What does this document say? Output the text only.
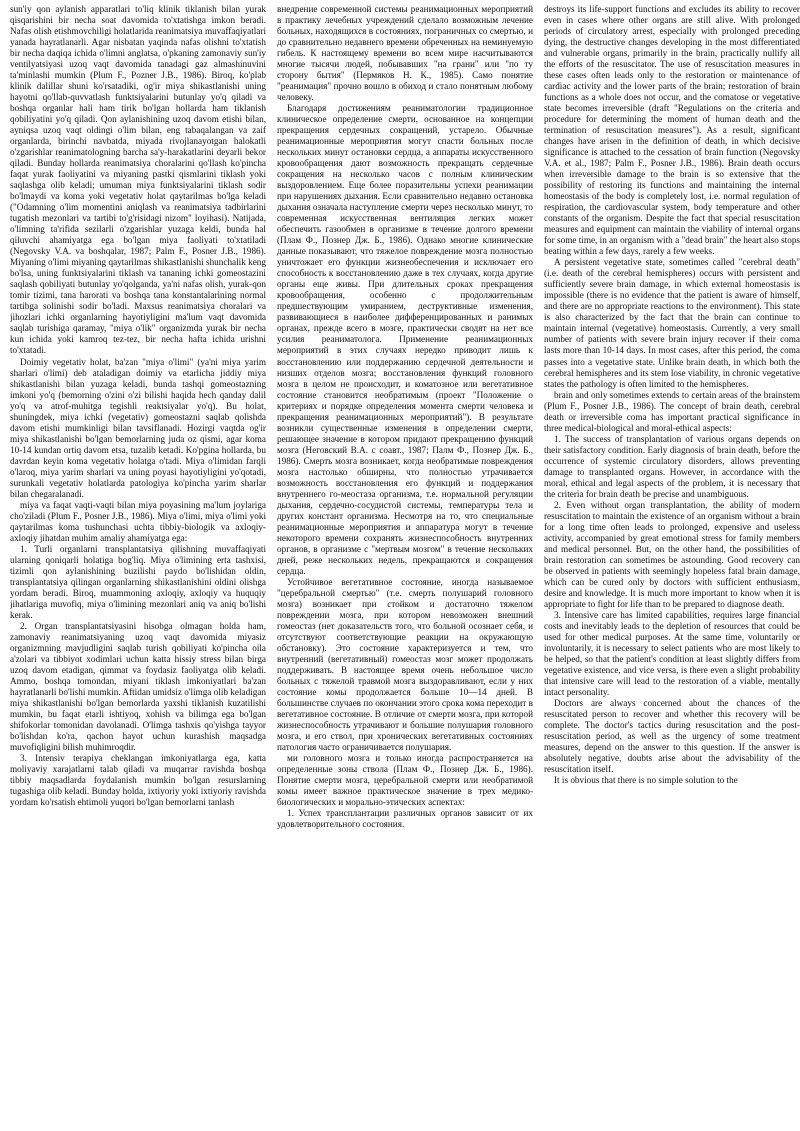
sun'iy qon aylanish apparatlari to'liq klinik tiklanish bilan yurak qisqarishini bir necha soat davomida to'xtatishga imkon beradi. Nafas olish etishmovchiligi holatlarida reanimatsiya muvaffaqiyatlari yanada hayratlanarli. Agar nisbatan yaqinda nafas olishni to'xtatish bir necha daqiqa ichida o'limni anglatsa, o'pkaning zamonaviy sun'iy ventilyatsiyasi uzoq vaqt davomida tanadagi gaz almashinuvini ta'minlashi mumkin (Plum F., Pozner J.B., 1986). Biroq, ko'plab klinik dalillar shuni ko'rsatadiki, og'ir miya shikastlanishi uning hayotni qo'llab-quvvatlash funktsiyalarini butunlay yo'q qiladi va boshqa organlar hali ham tirik bo'lgan hollarda ham tiklanish qobiliyatini yo'q qiladi. Qon aylanishining uzoq davom etishi bilan, ayniqsa uzoq vaqt oldingi o'lim bilan, eng tabaqalangan va zaif organlarda, birinchi navbatda, miyada rivojlanayotgan halokatli o'zgarishlar reanimatologning barcha sa'y-harakatlarini deyarli bekor qiladi. Bunday hollarda reanimatsiya choralarini qo'llash ko'pincha faqat yurak faoliyatini va miyaning pastki qismlarini tiklash yoki saqlashga olib keladi; umuman miya funktsiyalarini tiklash sodir bo'lmaydi va koma yoki vegetativ holat qaytarilmas bo'lga keladi ("Odamning o'lim momentini aniqlash va reanimatsiya tadbirlarini tugatish mezonlari va tartibi to'g'risidagi nizom" loyihasi). Natijada, o'limning ta'rifida sezilarli o'zgarishlar yuzaga keldi, bunda hal qiluvchi ahamiyatga ega bo'lgan miya faoliyati to'xtatiladi (Negovsky V.A. va boshqalar, 1987; Palm F., Posner J.B., 1986). Miyaning o'limi miyaning qaytarilmas shikastlanishi shunchalik keng bo'lsa, uning funktsiyalarini tiklash va tananing ichki gomeostazini saqlash qobiliyati butunlay yo'qolganda, ya'ni nafas olish, yurak-qon tomir tizimi, tana harorati va boshqa tana konstantalarining normal tartibga solinishi sodir bo'ladi. Maxsus reanimatsiya choralari va jihozlari ichki organlarning hayotiyligini ma'lum vaqt davomida saqlab turishiga qaramay, "miya o'lik" organizmda yurak bir necha kun ichida yoki kamroq tez-tez, bir necha hafta ichida urishni to'xtatadi.

Doimiy vegetativ holat, ba'zan "miya o'limi" (ya'ni miya yarim sharlari o'limi) deb ataladigan doimiy va etarlicha jiddiy miya shikastlanishi bilan yuzaga keladi, bunda tashqi gomeostazning imkoni yo'q (bemorning o'zini o'zi bilishi haqida hech qanday dalil yo'q va atrof-muhitga tegishli reaktsiyalar yo'q). Bu holat, shuningdek, miya ichki (vegetativ) gomeostazni saqlab qolishda davom etishi mumkinligi bilan tavsiflanadi. Hozirgi vaqtda og'ir miya shikastlanishi bo'lgan bemorlarning juda oz qismi, agar koma 10-14 kundan ortiq davom etsa, tuzalib ketadi. Ko'pgina hollarda, bu davrdan keyin koma vegetativ holatga o'tadi. Miya o'limidan farqli o'laroq, miya yarim sharlari va uning poyasi hayotiyligini yo'qotadi, surunkali vegetativ holatlarda patologiya ko'pincha yarim sharlar bilan chegaralanadi.

miya va faqat vaqti-vaqti bilan miya poyasining ma'lum joylariga cho'ziladi (Plum F., Posner J.B., 1986). Miya o'limi, miya o'limi yoki qaytarilmas koma tushunchasi uchta tibbiy-biologik va axloqiy-axloqiy jihatdan muhim amaliy ahamiyatga ega:

1. Turli organlarni transplantatsiya qilishning muvaffaqiyati ularning qoniqarli holatiga bog'liq. Miya o'limining erta tashxisi, tizimli qon aylanishining buzilishi paydo bo'lishidan oldin, transplantatsiya qilingan organlarning shikastlanishini oldini olishga yordam beradi. Biroq, muammoning axloqiy, axloqiy va huquqiy jihatlariga muvofiq, miya o'limining mezonlari aniq va aniq bo'lishi kerak.

2. Organ transplantatsiyasini hisobga olmagan holda ham, zamonaviy reanimatsiyaning uzoq vaqt davomida miyasiz organizmning mavjudligini saqlab turish qobiliyati ko'pincha oila a'zolari va tibbiyot xodimlari uchun katta hissiy stress bilan birga uzoq davom etadigan, qimmat va foydasiz faoliyatga olib keladi. Ammo, boshqa tomondan, miyani tiklash imkoniyatlari ba'zan hayratlanarli bo'lishi mumkin. Aftidan umidsiz o'limga olib keladigan miya shikastlanishi bo'lgan bemorlarda yaxshi tiklanish kuzatilishi mumkin, bu faqat etarli ishtiyoq, xohish va bilimga ega bo'lgan shifokorlar tomonidan davolanadi. O'limga tashxis qo'yishga tayyor bo'lishdan ko'ra, qachon hayot uchun kurashish maqsadga muvofiqligini bilish muhimroqdir.

3. Intensiv terapiya cheklangan imkoniyatlarga ega, katta moliyaviy xarajatlarni talab qiladi va muqarrar ravishda boshqa tibbiy maqsadlarda foydalanish mumkin bo'lgan resurslarning tugashiga olib keladi. Bunday holda, ixtiyoriy yoki ixtiyoriy ravishda yordam ko'rsatish ehtimoli yuqori bo'lgan bemorlarni tanlash

внедрение современной системы реанимационных мероприятий в практику лечебных учреждений сделало возможным лечение больных, находящихся в состояниях, пограничных со смертью, и до сравнительно недавнего времени обреченных на неминуемую гибель. К настоящему времени во всем мире насчитываются многие тысячи людей, побывавших "на грани" или "по ту сторону бытия" (Пермяков Н. К., 1985). Само понятие "реанимация" прочно вошло в обиход и стало понятным любому человеку.

Благодаря достижениям реаниматологии традиционное клиническое определение смерти, основанное на концепции прекращения сердечных сокращений, устарело. Обычные реанимационные мероприятия могут спасти больных после нескольких минут остановки сердца, а аппараты искусственного кровообращения дают возможность прекращать сердечные сокращения на несколько часов с полным клиническим выздоровлением. Еще более поразительны успехи реанимации при нарушениях дыхания. Если сравнительно недавно остановка дыхания означала наступление смерти через несколько минут, то современная искусственная вентиляция легких может обеспечить газообмен в организме в течение долгого времени (Плам Ф., Познер Дж. Б., 1986). Однако многие клинические данные показывают, что тяжелое повреждение мозга полностью уничтожает его функции жизнеобеспечения и исключает его способность к восстановлению даже в тех случаях, когда другие органы еще живы. При длительных сроках прекращения кровообращения, особенно с продолжительным предшествующим умиранием, деструктивные изменения, развивающиеся в наиболее дифференцированных и ранимых органах, прежде всего в мозге, практически сводят на нет все усилия реаниматолога. Применение реанимационных мероприятий в этих случаях нередко приводит лишь к восстановлению или поддержанию сердечной деятельности и низших отделов мозга; восстановления функций головного мозга в целом не происходит, и коматозное или вегетативное состояние становится необратимым (проект "Положение о критериях и порядке определения момента смерти человека и прекращения реанимационных мероприятий"). В результате возникли существенные изменения в определении смерти, решающее значение в котором придают прекращению функций мозга (Неговский В.А. с соавт., 1987; Палм Ф., Познер Дж. Б., 1986). Смерть мозга возникает, когда необратимые повреждения мозга настолько обширны, что полностью утрачивается возможность восстановления его функций и поддержания внутреннего го-меостаза организма, т.е. нормальной регуляции дыхания, сердечно-сосудистой системы, температуры тела и других констант организма. Несмотря на то, что специальные реанимационные мероприятия и аппаратура могут в течение некоторого времени сохранять жизнеспособность внутренних органов, в организме с "мертвым мозгом" в течение нескольких дней, реже нескольких недель, прекращаются и сокращения сердца.

Устойчивое вегетативное состояние, иногда называемое "церебральной смертью" (т.е. смерть полушарий головного мозга) возникает при стойком и достаточно тяжелом повреждении мозга, при котором невозможен внешний гомеостаз (нет доказательств того, что больной осознает себя, и отсутствуют соответствующие реакции на окружающую обстановку). Это состояние характеризуется и тем, что внутренний (вегетативный) гомеостаз мозг может продолжать поддерживать. В настоящее время очень небольшое число больных с тяжелой травмой мозга выздоравливают, если у них состояние комы продолжается больше 10—14 дней. В большинстве случаев по окончании этого срока кома переходит в вегетативное состояние. В отличие от смерти мозга, при которой жизнеспособность утрачивают и большие полушария головного мозга, и его ствол, при хронических вегетативных состояниях патология часто ограничивается полушария.

ми головного мозга и только иногда распространяется на определенные зоны ствола (Плам Ф., Познер Дж. Б., 1986). Понятие смерти мозга, церебральной смерти или необратимой комы имеет важное практическое значение в трех медико-биологических и морально-этических аспектах:

1. Успех трансплантации различных органов зависит от их удовлетворительного состояния.

destroys its life-support functions and excludes its ability to recover even in cases where other organs are still alive. With prolonged periods of circulatory arrest, especially with prolonged preceding dying, the destructive changes developing in the most differentiated and vulnerable organs, primarily in the brain, practically nullify all the efforts of the resuscitator. The use of resuscitation measures in these cases often leads only to the restoration or maintenance of cardiac activity and the lower parts of the brain; restoration of brain functions as a whole does not occur, and the comatose or vegetative state becomes irreversible (draft "Regulations on the criteria and procedure for determining the moment of human death and the termination of resuscitation measures"). As a result, significant changes have arisen in the definition of death, in which decisive significance is attached to the cessation of brain function (Negovsky V.A. et al., 1987; Palm F., Posner J.B., 1986). Brain death occurs when irreversible damage to the brain is so extensive that the possibility of restoring its functions and maintaining the internal homeostasis of the body is completely lost, i.e. normal regulation of respiration, the cardiovascular system, body temperature and other constants of the organism. Despite the fact that special resuscitation measures and equipment can maintain the viability of internal organs for some time, in an organism with a "dead brain" the heart also stops beating within a few days, rarely a few weeks.

A persistent vegetative state, sometimes called "cerebral death" (i.e. death of the cerebral hemispheres) occurs with persistent and sufficiently severe brain damage, in which external homeostasis is impossible (there is no evidence that the patient is aware of himself, and there are no appropriate reactions to the environment). This state is also characterized by the fact that the brain can continue to maintain internal (vegetative) homeostasis. Currently, a very small number of patients with severe brain injury recover if their coma lasts more than 10-14 days. In most cases, after this period, the coma passes into a vegetative state. Unlike brain death, in which both the cerebral hemispheres and its stem lose viability, in chronic vegetative states the pathology is often limited to the hemispheres.

brain and only sometimes extends to certain areas of the brainstem (Plum F., Posner J.B., 1986). The concept of brain death, cerebral death or irreversible coma has important practical significance in three medical-biological and moral-ethical aspects:

1. The success of transplantation of various organs depends on their satisfactory condition. Early diagnosis of brain death, before the occurrence of systemic circulatory disorders, allows preventing damage to transplanted organs. However, in accordance with the moral, ethical and legal aspects of the problem, it is necessary that the criteria for brain death be precise and unambiguous.

2. Even without organ transplantation, the ability of modern resuscitation to maintain the existence of an organism without a brain for a long time often leads to prolonged, expensive and useless activity, accompanied by great emotional stress for family members and medical personnel. But, on the other hand, the possibilities of brain restoration can sometimes be astounding. Good recovery can be observed in patients with seemingly hopeless fatal brain damage, which can be cured only by doctors with sufficient enthusiasm, desire and knowledge. It is much more important to know when it is appropriate to fight for life than to be prepared to diagnose death.

3. Intensive care has limited capabilities, requires large financial costs and inevitably leads to the depletion of resources that could be used for other medical purposes. At the same time, voluntarily or involuntarily, it is necessary to select patients who are most likely to be helped, so that the patient's condition at least slightly differs from vegetative existence, and vice versa, is there even a slight probability that intensive care will lead to the restoration of a viable, mentally intact personality.

Doctors are always concerned about the chances of the resuscitated person to recover and whether this recovery will be complete. The doctor's tactics during resuscitation and the post-resuscitation period, as well as the urgency of some treatment measures, depend on the answer to this question. If the answer is absolutely negative, doubts arise about the advisability of the resuscitation itself.

It is obvious that there is no simple solution to the
